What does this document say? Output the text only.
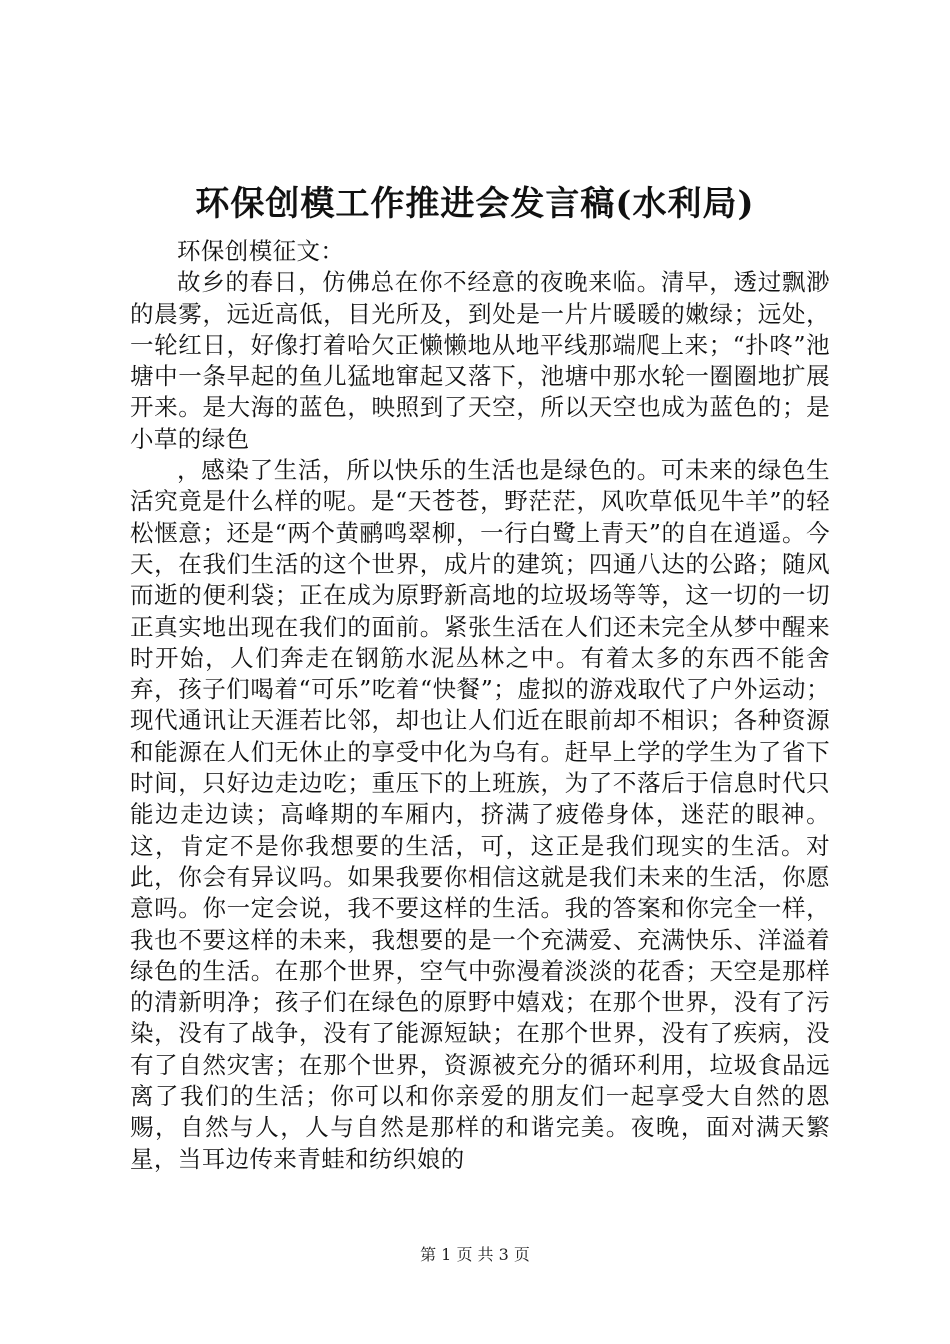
环保创模工作推进会发言稿(水利局)

环保创模征文：

故乡的春日，仿佛总在你不经意的夜晚来临。清早，透过飘渺的晨雾，远近高低，目光所及，到处是一片片暖暖的嫩绿；远处，一轮红日，好像打着哈欠正懒懒地从地平线那端爬上来；“扑咚”池塘中一条早起的鱼儿猛地窜起又落下，池塘中那水轮一圈圈地扩展开来。是大海的蓝色，映照到了天空，所以天空也成为蓝色的；是小草的绿色

，感染了生活，所以快乐的生活也是绿色的。可未来的绿色生活究竟是什么样的呢。是“天苍苍，野茫茫，风吹草低见牛羊”的轻松惬意；还是“两个黄鹂鸣翠柳，一行白鹭上青天”的自在逍遥。今天，在我们生活的这个世界，成片的建筑；四通八达的公路；随风而逝的便利袋；正在成为原野新高地的垃圾场等等，这一切的一切正真实地出现在我们的面前。紧张生活在人们还未完全从梦中醒来时开始，人们奔走在钢筋水泥丛林之中。有着太多的东西不能舍弃，孩子们喝着“可乐”吃着“快餐”；虚拟的游戏取代了户外运动；现代通讯让天涯若比邻，却也让人们近在眼前却不相识；各种资源和能源在人们无休止的享受中化为乌有。赶早上学的学生为了省下时间，只好边走边吃；重压下的上班族，为了不落后于信息时代只能边走边读；高峰期的车厢内，挤满了疲倦身体，迷茫的眼神。这，肯定不是你我想要的生活，可，这正是我们现实的生活。对此，你会有异议吗。如果我要你相信这就是我们未来的生活，你愿意吗。你一定会说，我不要这样的生活。我的答案和你完全一样，我也不要这样的未来，我想要的是一个充满爱、充满快乐、洋溢着绿色的生活。在那个世界，空气中弥漫着淡淡的花香；天空是那样的清新明净；孩子们在绿色的原野中嬉戏；在那个世界，没有了污染，没有了战争，没有了能源短缺；在那个世界，没有了疾病，没有了自然灾害；在那个世界，资源被充分的循环利用，垃圾食品远离了我们的生活；你可以和你亲爱的朋友们一起享受大自然的恩赐，自然与人，人与自然是那样的和谐完美。夜晚，面对满天繁星，当耳边传来青蛙和纺织娘的

第 1 页 共 3 页
